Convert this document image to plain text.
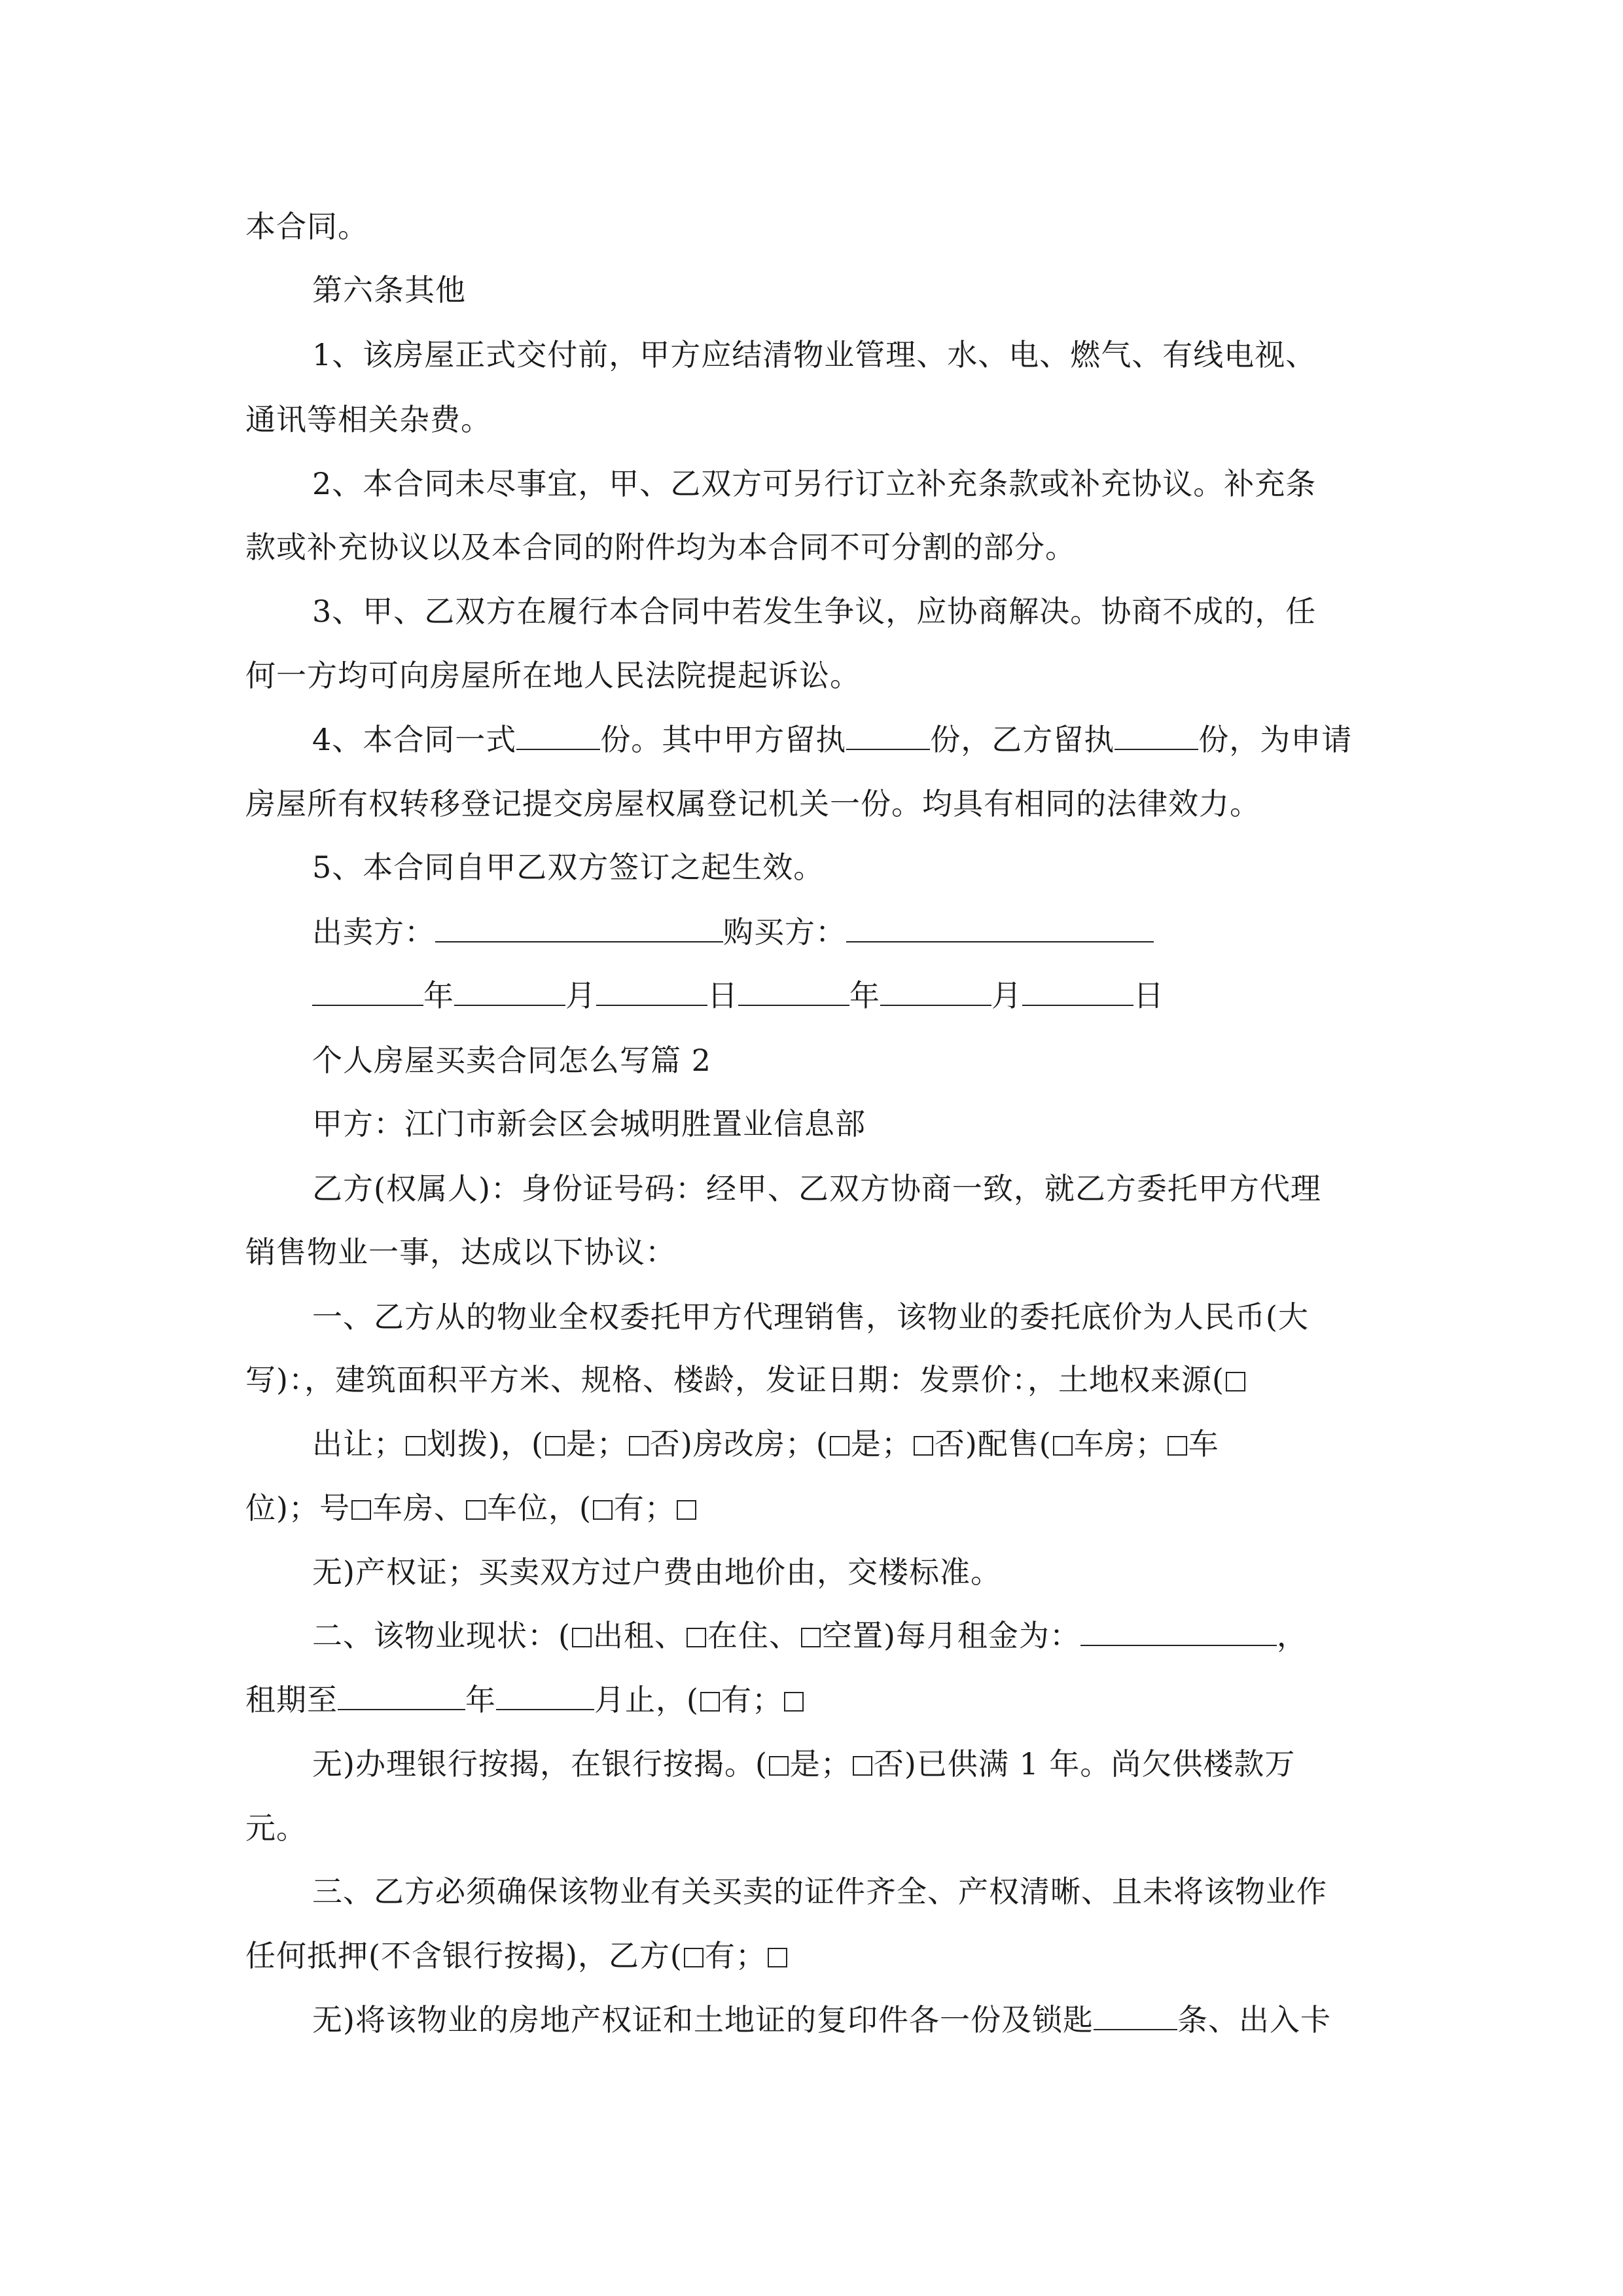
本合同。
第六条其他
1、该房屋正式交付前，甲方应结清物业管理、水、电、燃气、有线电视、
通讯等相关杂费。
2、本合同未尽事宜，甲、乙双方可另行订立补充条款或补充协议。补充条
款或补充协议以及本合同的附件均为本合同不可分割的部分。
3、甲、乙双方在履行本合同中若发生争议，应协商解决。协商不成的，任
何一方均可向房屋所在地人民法院提起诉讼。
4、本合同一式	份。其中甲方留执	份，乙方留执	份，为申请
房屋所有权转移登记提交房屋权属登记机关一份。均具有相同的法律效力。
5、本合同自甲乙双方签订之起生效。
出卖方：	购买方：
年	月	日	年	月	日
个人房屋买卖合同怎么写篇 2
甲方：江门市新会区会城明胜置业信息部
乙方(权属人)：身份证号码：经甲、乙双方协商一致，就乙方委托甲方代理
销售物业一事，达成以下协议：
一、乙方从的物业全权委托甲方代理销售，该物业的委托底价为人民币(大
写)：，建筑面积平方米、规格、楼龄，发证日期：发票价：，土地权来源(
出让； 划拨)，( 是； 否)房改房；( 是； 否)配售( 车房； 车
位)；号 车房、 车位，( 有；
无)产权证；买卖双方过户费由地价由，交楼标准。
二、该物业现状：( 出租、 在住、 空置)每月租金为：	，
租期至	年	月止，( 有；
无)办理银行按揭，在银行按揭。( 是； 否)已供满 1 年。尚欠供楼款万
元。
三、乙方必须确保该物业有关买卖的证件齐全、产权清晰、且未将该物业作
任何抵押(不含银行按揭)，乙方( 有；
无)将该物业的房地产权证和土地证的复印件各一份及锁匙	条、出入卡
